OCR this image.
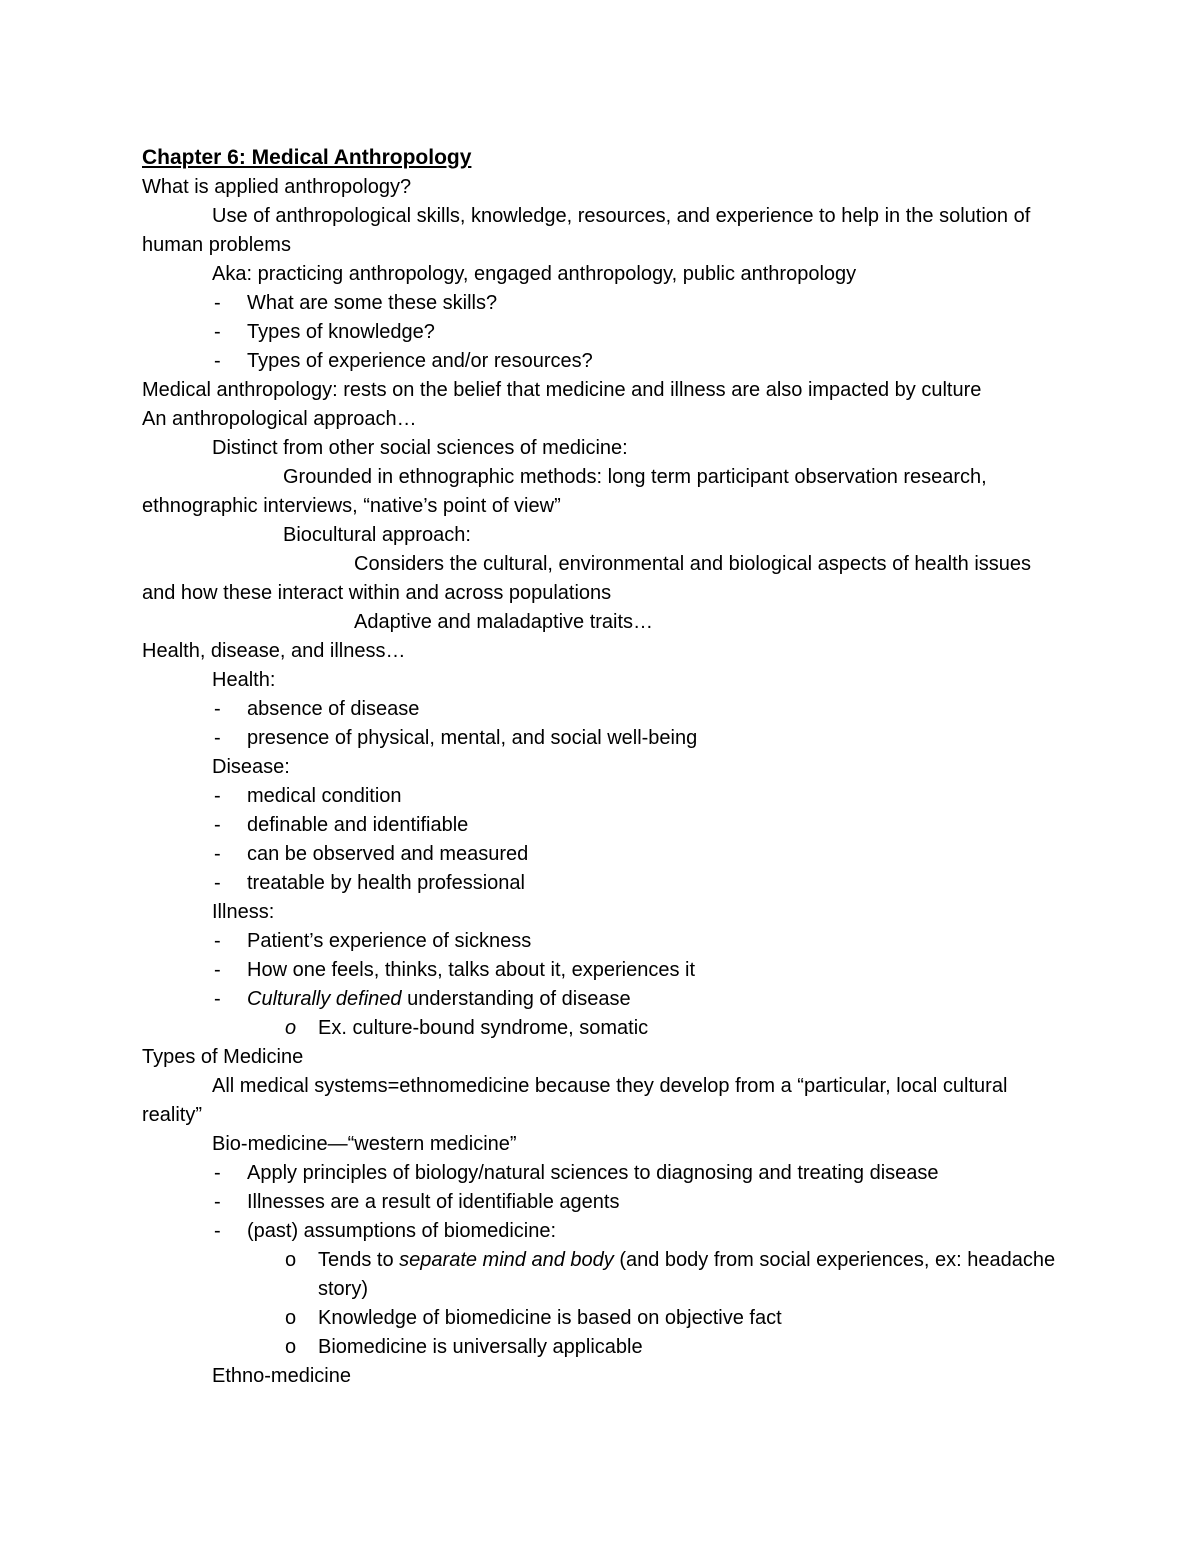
Chapter 6: Medical Anthropology
What is applied anthropology?

Use of anthropological skills, knowledge, resources, and experience to help in the solution of human problems

Aka: practicing anthropology, engaged anthropology, public anthropology
- What are some these skills?
- Types of knowledge?
- Types of experience and/or resources?
Medical anthropology: rests on the belief that medicine and illness are also impacted by culture
An anthropological approach…
Distinct from other social sciences of medicine:

Grounded in ethnographic methods: long term participant observation research, ethnographic interviews, “native’s point of view”

Biocultural approach:

Considers the cultural, environmental and biological aspects of health issues and how these interact within and across populations

Adaptive and maladaptive traits…
Health, disease, and illness…
Health:
- absence of disease
- presence of physical, mental, and social well-being
Disease:
- medical condition
- definable and identifiable
- can be observed and measured
- treatable by health professional
Illness:
- Patient’s experience of sickness
- How one feels, thinks, talks about it, experiences it
- Culturally defined understanding of disease
o Ex. culture-bound syndrome, somatic
Types of Medicine

All medical systems=ethnomedicine because they develop from a “particular, local cultural reality”

Bio-medicine—“western medicine”
- Apply principles of biology/natural sciences to diagnosing and treating disease
- Illnesses are a result of identifiable agents
- (past) assumptions of biomedicine:
o Tends to separate mind and body (and body from social experiences, ex: headache story)
o Knowledge of biomedicine is based on objective fact
o Biomedicine is universally applicable
Ethno-medicine
